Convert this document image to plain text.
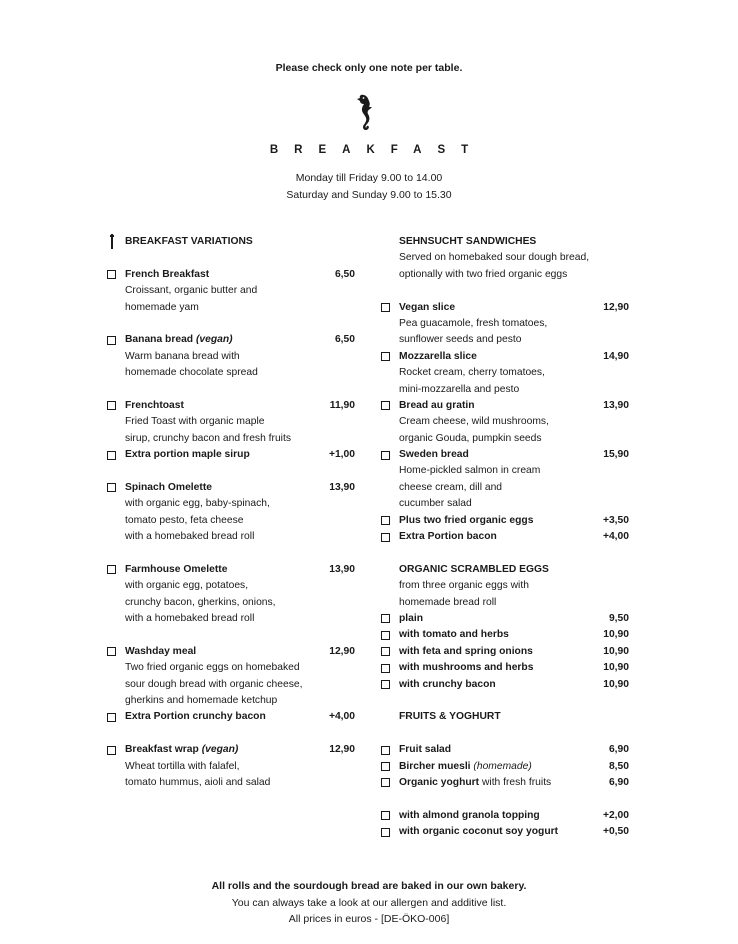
Please check only one note per table.
BREAKFAST
Monday till Friday 9.00 to 14.00
Saturday and Sunday 9.00 to 15.30
BREAKFAST VARIATIONS
French Breakfast	6,50
Croissant, organic butter and
homemade yam
Banana bread (vegan)	6,50
Warm banana bread with
homemade chocolate spread
Frenchtoast	11,90
Fried Toast with organic maple
sirup, crunchy bacon and fresh fruits
Extra portion maple sirup	+1,00
Spinach Omelette	13,90
with organic egg, baby-spinach,
tomato pesto, feta cheese
with a homebaked bread roll
Farmhouse Omelette	13,90
with organic egg, potatoes,
crunchy bacon, gherkins, onions,
with a homebaked bread roll
Washday meal	12,90
Two fried organic eggs on homebaked
sour dough bread with organic cheese,
gherkins and homemade ketchup
Extra Portion crunchy bacon	+4,00
Breakfast wrap (vegan)	12,90
Wheat tortilla with falafel,
tomato hummus, aioli and salad
SEHNSUCHT SANDWICHES
Served on homebaked sour dough bread,
optionally with two fried organic eggs
Vegan slice	12,90
Pea guacamole, fresh tomatoes,
sunflower seeds and pesto
Mozzarella slice	14,90
Rocket cream, cherry tomatoes,
mini-mozzarella and pesto
Bread au gratin	13,90
Cream cheese, wild mushrooms,
organic Gouda, pumpkin seeds
Sweden bread	15,90
Home-pickled salmon in cream
cheese cream, dill and
cucumber salad
Plus two fried organic eggs	+3,50
Extra Portion bacon	+4,00
ORGANIC SCRAMBLED EGGS
from three organic eggs with
homemade bread roll
plain	9,50
with tomato and herbs	10,90
with feta and spring onions	10,90
with mushrooms and herbs	10,90
with crunchy bacon	10,90
FRUITS & YOGHURT
Fruit salad	6,90
Bircher muesli (homemade)	8,50
Organic yoghurt with fresh fruits	6,90
with almond granola topping	+2,00
with organic coconut soy yogurt	+0,50
All rolls and the sourdough bread are baked in our own bakery.
You can always take a look at our allergen and additive list.
All prices in euros - [DE-ÖKO-006]
